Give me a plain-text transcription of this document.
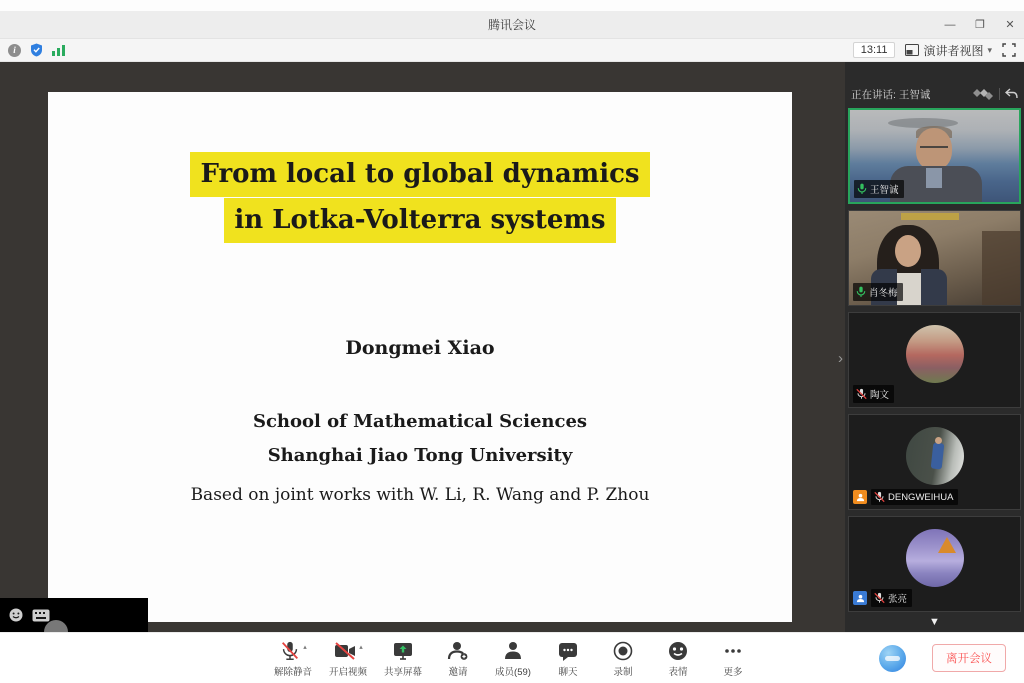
腾讯会议	— ❐	✕
i	13:11	演讲者视图 ▾
From local to global dynamics
in Lotka-Volterra systems
Dongmei Xiao
School of Mathematical Sciences
Shanghai Jiao Tong University
Based on joint works with W. Li, R. Wang and P. Zhou
›
正在讲话: 王智诚
王智诚
肖冬梅
陶文
DENGWEIHUA
张亮
▼
▴
解除静音
▴
开启视频 共享屏幕	邀请	成员(59)	聊天	录制	表情	更多
离开会议
